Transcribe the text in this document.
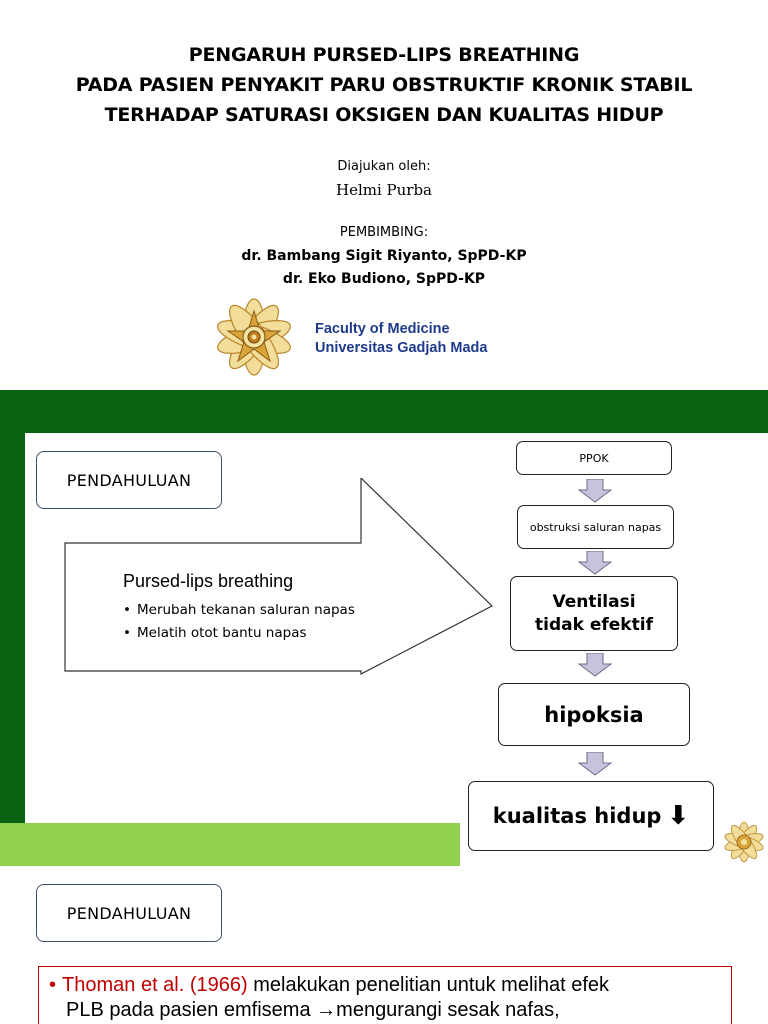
PENGARUH PURSED-LIPS BREATHING
PADA PASIEN PENYAKIT PARU OBSTRUKTIF KRONIK STABIL
TERHADAP SATURASI OKSIGEN DAN KUALITAS HIDUP
Diajukan oleh:
Helmi Purba
PEMBIMBING:
dr. Bambang Sigit Riyanto, SpPD-KP
dr. Eko Budiono, SpPD-KP
Faculty of Medicine
Universitas Gadjah Mada
PENDAHULUAN
Pursed-lips breathing
• Merubah tekanan saluran napas
• Melatih otot bantu napas
PPOK
obstruksi saluran napas
Ventilasi tidak efektif
hipoksia
kualitas hidup ⬇
PENDAHULUAN
• Thoman et al. (1966) melakukan penelitian untuk melihat efek
PLB pada pasien emfisema →mengurangi sesak nafas,
